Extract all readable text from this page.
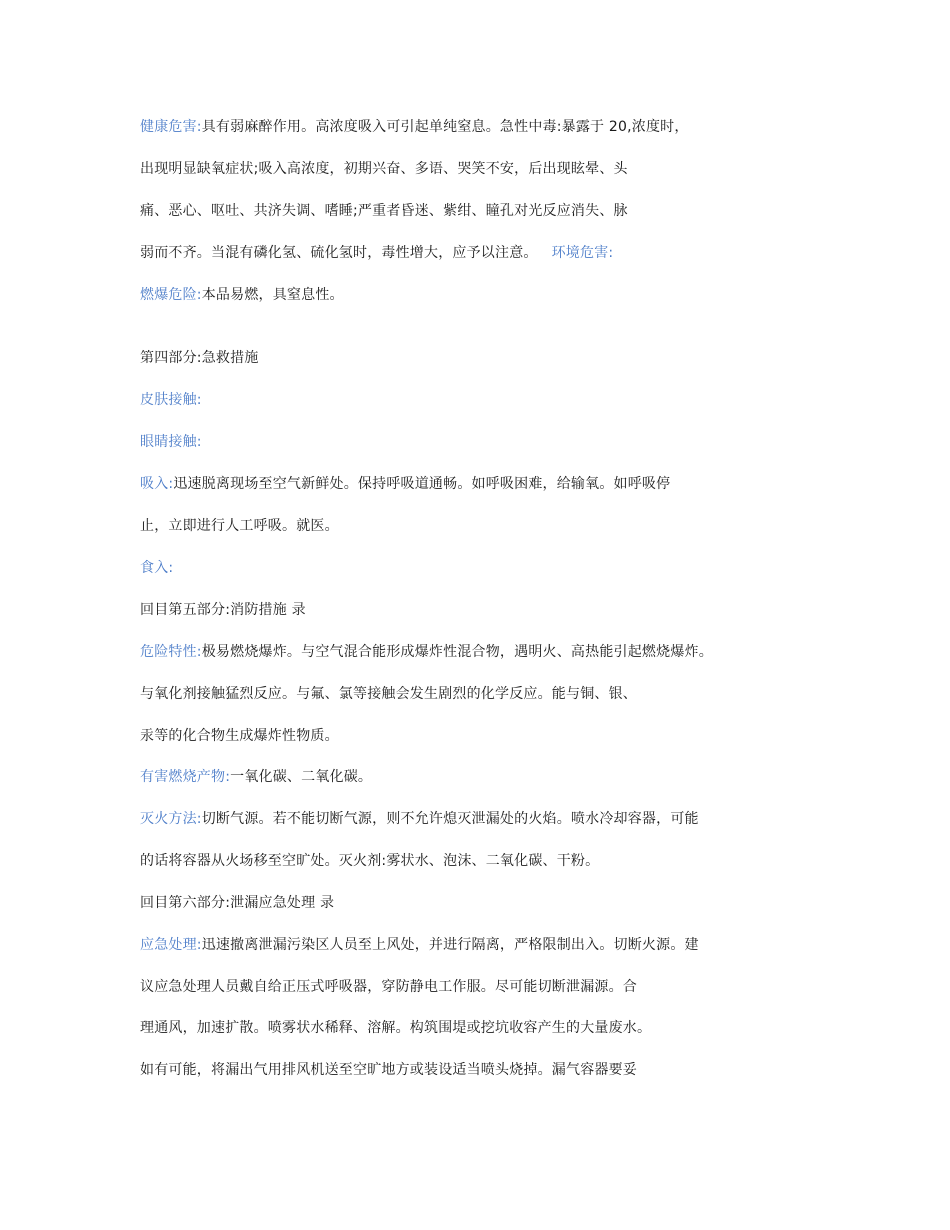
健康危害:具有弱麻醉作用。高浓度吸入可引起单纯窒息。急性中毒:暴露于 20,浓度时，
出现明显缺氧症状;吸入高浓度，初期兴奋、多语、哭笑不安，后出现眩晕、头
痛、恶心、呕吐、共济失调、嗜睡;严重者昏迷、紫绀、瞳孔对光反应消失、脉
弱而不齐。当混有磷化氢、硫化氢时，毒性增大，应予以注意。 环境危害:
燃爆危险:本品易燃，具窒息性。
第四部分:急救措施
皮肤接触:
眼睛接触:
吸入:迅速脱离现场至空气新鲜处。保持呼吸道通畅。如呼吸困难，给输氧。如呼吸停
止，立即进行人工呼吸。就医。
食入:
回目第五部分:消防措施 录
危险特性:极易燃烧爆炸。与空气混合能形成爆炸性混合物，遇明火、高热能引起燃烧爆炸。
与氧化剂接触猛烈反应。与氟、氯等接触会发生剧烈的化学反应。能与铜、银、
汞等的化合物生成爆炸性物质。
有害燃烧产物:一氧化碳、二氧化碳。
灭火方法:切断气源。若不能切断气源，则不允许熄灭泄漏处的火焰。喷水冷却容器，可能
的话将容器从火场移至空旷处。灭火剂:雾状水、泡沫、二氧化碳、干粉。
回目第六部分:泄漏应急处理 录
应急处理:迅速撤离泄漏污染区人员至上风处，并进行隔离，严格限制出入。切断火源。建
议应急处理人员戴自给正压式呼吸器，穿防静电工作服。尽可能切断泄漏源。合
理通风，加速扩散。喷雾状水稀释、溶解。构筑围堤或挖坑收容产生的大量废水。
如有可能，将漏出气用排风机送至空旷地方或装设适当喷头烧掉。漏气容器要妥
